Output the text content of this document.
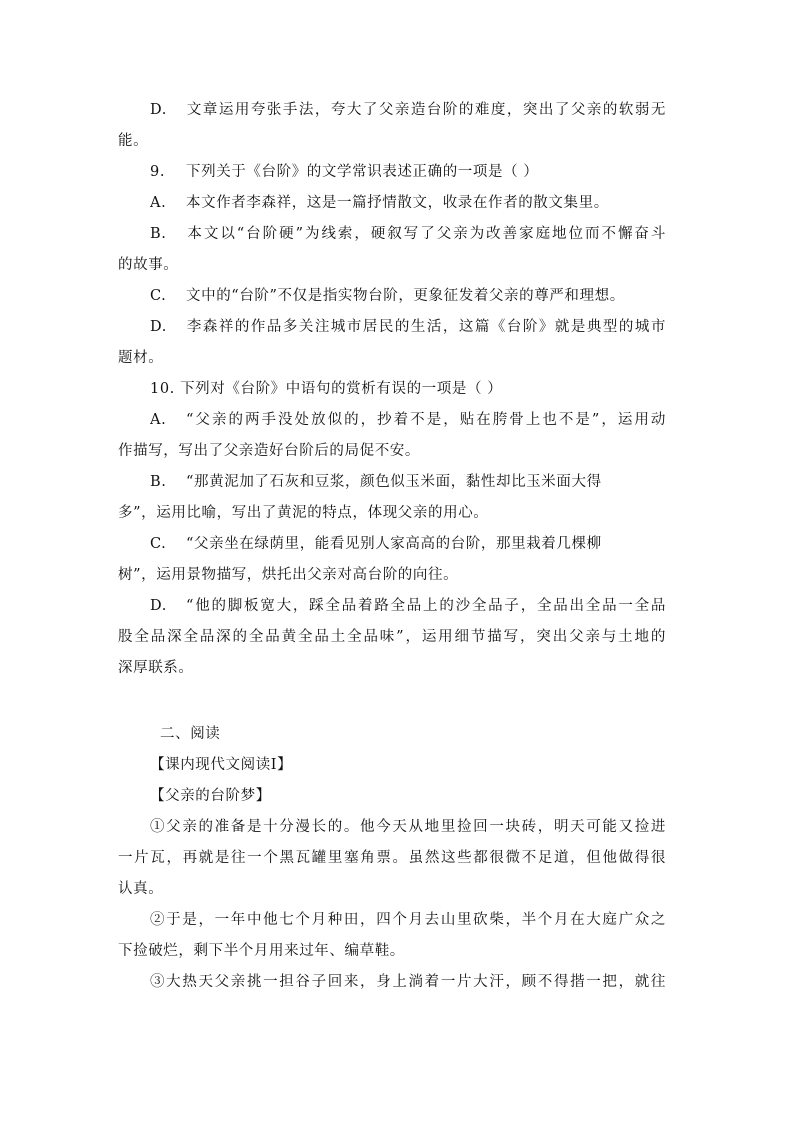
D. 文章运用夸张手法，夸大了父亲造台阶的难度，突出了父亲的软弱无
能。
9. 下列关于《台阶》的文学常识表述正确的一项是（ ）
A. 本文作者李森祥，这是一篇抒情散文，收录在作者的散文集里。
B. 本文以“台阶硬”为线索，硬叙写了父亲为改善家庭地位而不懈奋斗
的故事。
C. 文中的“台阶”不仅是指实物台阶，更象征发着父亲的尊严和理想。
D. 李森祥的作品多关注城市居民的生活，这篇《台阶》就是典型的城市
题材。
10. 下列对《台阶》中语句的赏析有误的一项是（ ）
A. “父亲的两手没处放似的，抄着不是，贴在胯骨上也不是”，运用动
作描写，写出了父亲造好台阶后的局促不安。
B. “那黄泥加了石灰和豆浆，颜色似玉米面，黏性却比玉米面大得
多”，运用比喻，写出了黄泥的特点，体现父亲的用心。
C. “父亲坐在绿荫里，能看见别人家高高的台阶，那里栽着几棵柳
树”，运用景物描写，烘托出父亲对高台阶的向往。
D. “他的脚板宽大，踩全品着路全品上的沙全品子，全品出全品一全品
股全品深全品深的全品黄全品土全品味”，运用细节描写，突出父亲与土地的
深厚联系。
二、阅读
【课内现代文阅读Ⅰ】
【父亲的台阶梦】
①父亲的准备是十分漫长的。他今天从地里捡回一块砖，明天可能又捡进
一片瓦，再就是往一个黑瓦罐里塞角票。虽然这些都很微不足道，但他做得很
认真。
②于是，一年中他七个月种田，四个月去山里砍柴，半个月在大庭广众之
下捡破烂，剩下半个月用来过年、编草鞋。
③大热天父亲挑一担谷子回来，身上淌着一片大汗，顾不得揩一把，就往
